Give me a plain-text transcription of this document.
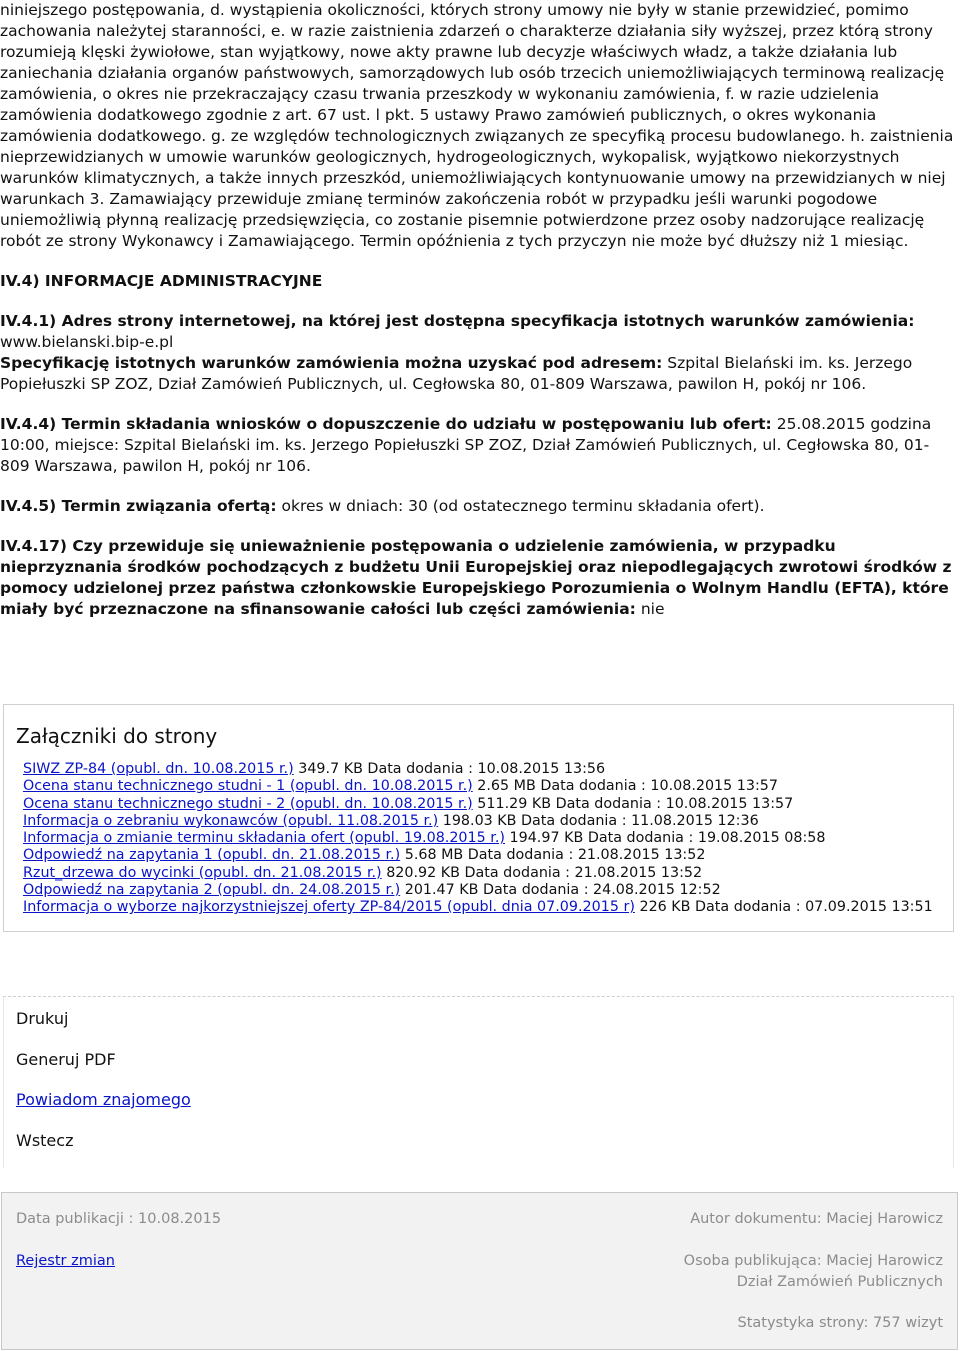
niniejszego postępowania, d. wystąpienia okoliczności, których strony umowy nie były w stanie przewidzieć, pomimo zachowania należytej staranności, e. w razie zaistnienia zdarzeń o charakterze działania siły wyższej, przez którą strony rozumieją klęski żywiołowe, stan wyjątkowy, nowe akty prawne lub decyzje właściwych władz, a także działania lub zaniechania działania organów państwowych, samorządowych lub osób trzecich uniemożliwiających terminową realizację zamówienia, o okres nie przekraczający czasu trwania przeszkody w wykonaniu zamówienia, f. w razie udzielenia zamówienia dodatkowego zgodnie z art. 67 ust. l pkt. 5 ustawy Prawo zamówień publicznych, o okres wykonania zamówienia dodatkowego. g. ze względów technologicznych związanych ze specyfiką procesu budowlanego. h. zaistnienia nieprzewidzianych w umowie warunków geologicznych, hydrogeologicznych, wykopalisk, wyjątkowo niekorzystnych warunków klimatycznych, a także innych przeszkód, uniemożliwiających kontynuowanie umowy na przewidzianych w niej warunkach 3. Zamawiający przewiduje zmianę terminów zakończenia robót w przypadku jeśli warunki pogodowe uniemożliwią płynną realizację przedsięwzięcia, co zostanie pisemnie potwierdzone przez osoby nadzorujące realizację robót ze strony Wykonawcy i Zamawiającego. Termin opóźnienia z tych przyczyn nie może być dłuższy niż 1 miesiąc.

IV.4) INFORMACJE ADMINISTRACYJNE

IV.4.1) Adres strony internetowej, na której jest dostępna specyfikacja istotnych warunków zamówienia: www.bielanski.bip-e.pl

Specyfikację istotnych warunków zamówienia można uzyskać pod adresem: Szpital Bielański im. ks. Jerzego Popiełuszki SP ZOZ, Dział Zamówień Publicznych, ul. Cegłowska 80, 01-809 Warszawa, pawilon H, pokój nr 106.

IV.4.4) Termin składania wniosków o dopuszczenie do udziału w postępowaniu lub ofert: 25.08.2015 godzina 10:00, miejsce: Szpital Bielański im. ks. Jerzego Popiełuszki SP ZOZ, Dział Zamówień Publicznych, ul. Cegłowska 80, 01-809 Warszawa, pawilon H, pokój nr 106.

IV.4.5) Termin związania ofertą: okres w dniach: 30 (od ostatecznego terminu składania ofert).

IV.4.17) Czy przewiduje się unieważnienie postępowania o udzielenie zamówienia, w przypadku nieprzyznania środków pochodzących z budżetu Unii Europejskiej oraz niepodlegających zwrotowi środków z pomocy udzielonej przez państwa członkowskie Europejskiego Porozumienia o Wolnym Handlu (EFTA), które miały być przeznaczone na sfinansowanie całości lub części zamówienia: nie

Załączniki do strony
SIWZ ZP-84 (opubl. dn. 10.08.2015 r.) 349.7 KB Data dodania : 10.08.2015 13:56
Ocena stanu technicznego studni - 1 (opubl. dn. 10.08.2015 r.) 2.65 MB Data dodania : 10.08.2015 13:57
Ocena stanu technicznego studni - 2 (opubl. dn. 10.08.2015 r.) 511.29 KB Data dodania : 10.08.2015 13:57
Informacja o zebraniu wykonawców (opubl. 11.08.2015 r.) 198.03 KB Data dodania : 11.08.2015 12:36
Informacja o zmianie terminu składania ofert (opubl. 19.08.2015 r.) 194.97 KB Data dodania : 19.08.2015 08:58
Odpowiedź na zapytania 1 (opubl. dn. 21.08.2015 r.) 5.68 MB Data dodania : 21.08.2015 13:52
Rzut_drzewa do wycinki (opubl. dn. 21.08.2015 r.) 820.92 KB Data dodania : 21.08.2015 13:52
Odpowiedź na zapytania 2 (opubl. dn. 24.08.2015 r.) 201.47 KB Data dodania : 24.08.2015 12:52
Informacja o wyborze najkorzystniejszej oferty ZP-84/2015 (opubl. dnia 07.09.2015 r) 226 KB Data dodania : 07.09.2015 13:51
Drukuj
Generuj PDF
Powiadom znajomego
Wstecz
Data publikacji : 10.08.2015	Autor dokumentu: Maciej Harowicz
Rejestr zmian	Osoba publikująca: Maciej Harowicz
Dział Zamówień Publicznych
Statystyka strony: 757 wizyt
